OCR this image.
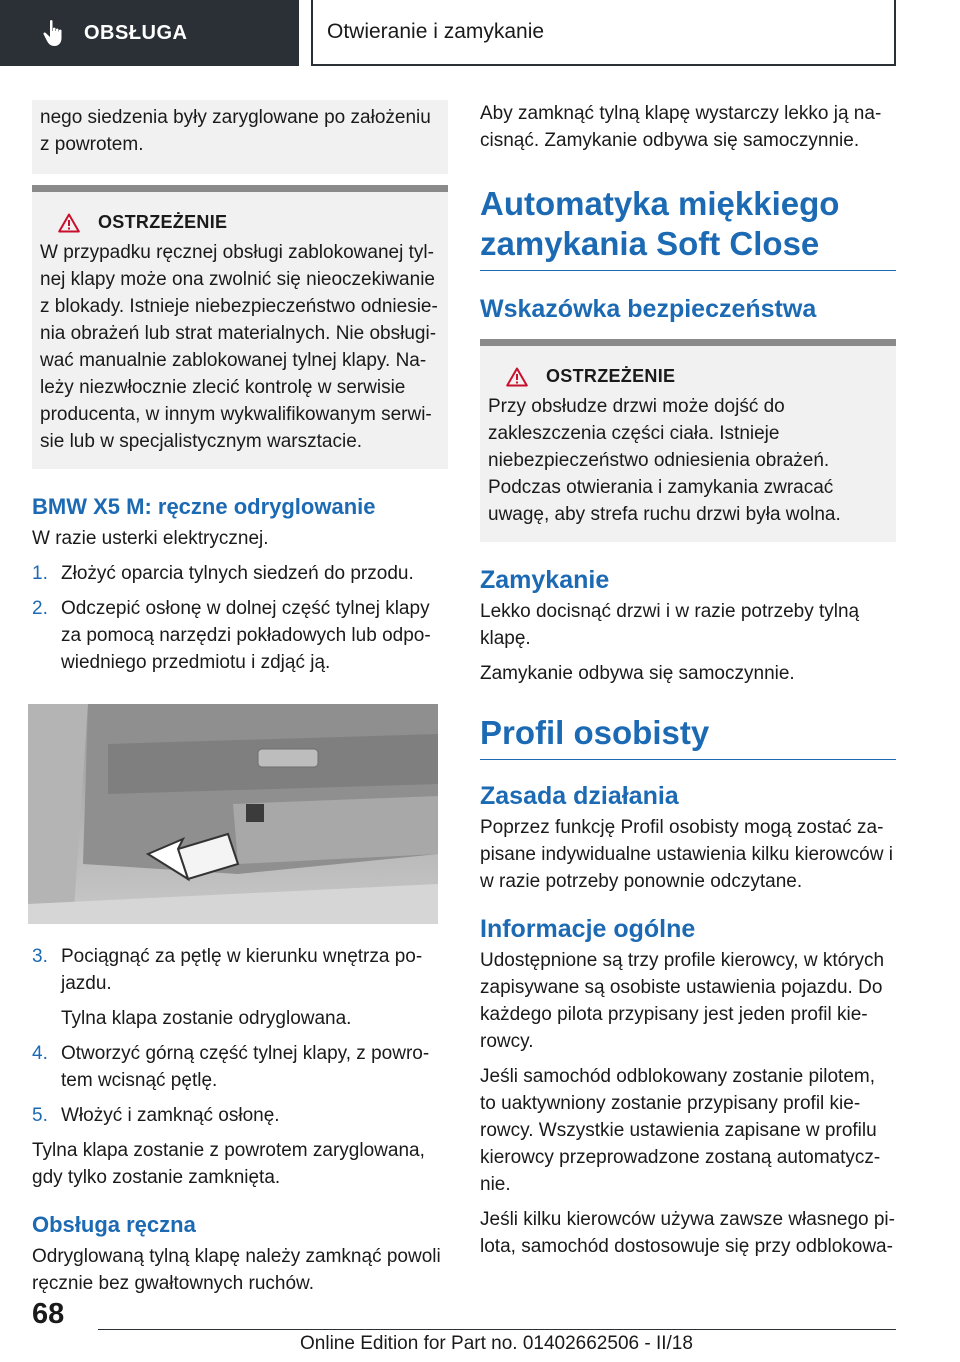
OBSŁUGA	Otwieranie i zamykanie

nego siedzenia były zaryglowane po założeniu z powrotem.

OSTRZEŻENIE

W przypadku ręcznej obsługi zablokowanej tylnej klapy może ona zwolnić się nieoczekiwanie z blokady. Istnieje niebezpieczeństwo odniesienia obrażeń lub strat materialnych. Nie obsługiwać manualnie zablokowanej tylnej klapy. Należy niezwłocznie zlecić kontrolę w serwisie producenta, w innym wykwalifikowanym serwisie lub w specjalistycznym warsztacie.

BMW X5 M: ręczne odryglowanie

W razie usterki elektrycznej.

1. Złożyć oparcia tylnych siedzeń do przodu.

2. Odczepić osłonę w dolnej część tylnej klapy za pomocą narzędzi pokładowych lub odpowiedniego przedmiotu i zdjąć ją.

3. Pociągnąć za pętlę w kierunku wnętrza pojazdu.

Tylna klapa zostanie odryglowana.

4. Otworzyć górną część tylnej klapy, z powrotem wcisnąć pętlę.

5. Włożyć i zamknąć osłonę.

Tylna klapa zostanie z powrotem zaryglowana, gdy tylko zostanie zamknięta.

Obsługa ręczna

Odryglowaną tylną klapę należy zamknąć powoli ręcznie bez gwałtownych ruchów.

Aby zamknąć tylną klapę wystarczy lekko ją nacisnąć. Zamykanie odbywa się samoczynnie.

Automatyka miękkiego zamykania Soft Close
Wskazówka bezpieczeństwa
OSTRZEŻENIE

Przy obsłudze drzwi może dojść do zakleszczenia części ciała. Istnieje niebezpieczeństwo odniesienia obrażeń. Podczas otwierania i zamykania zwracać uwagę, aby strefa ruchu drzwi była wolna.

Zamykanie

Lekko docisnąć drzwi i w razie potrzeby tylną klapę.

Zamykanie odbywa się samoczynnie.

Profil osobisty
Zasada działania

Poprzez funkcję Profil osobisty mogą zostać zapisane indywidualne ustawienia kilku kierowców i w razie potrzeby ponownie odczytane.

Informacje ogólne

Udostępnione są trzy profile kierowcy, w których zapisywane są osobiste ustawienia pojazdu. Do każdego pilota przypisany jest jeden profil kierowcy.

Jeśli samochód odblokowany zostanie pilotem, to uaktywniony zostanie przypisany profil kierowcy. Wszystkie ustawienia zapisane w profilu kierowcy przeprowadzone zostaną automatycznie.

Jeśli kilku kierowców używa zawsze własnego pilota, samochód dostosowuje się przy odblokowa-

68
Online Edition for Part no. 01402662506 - II/18
